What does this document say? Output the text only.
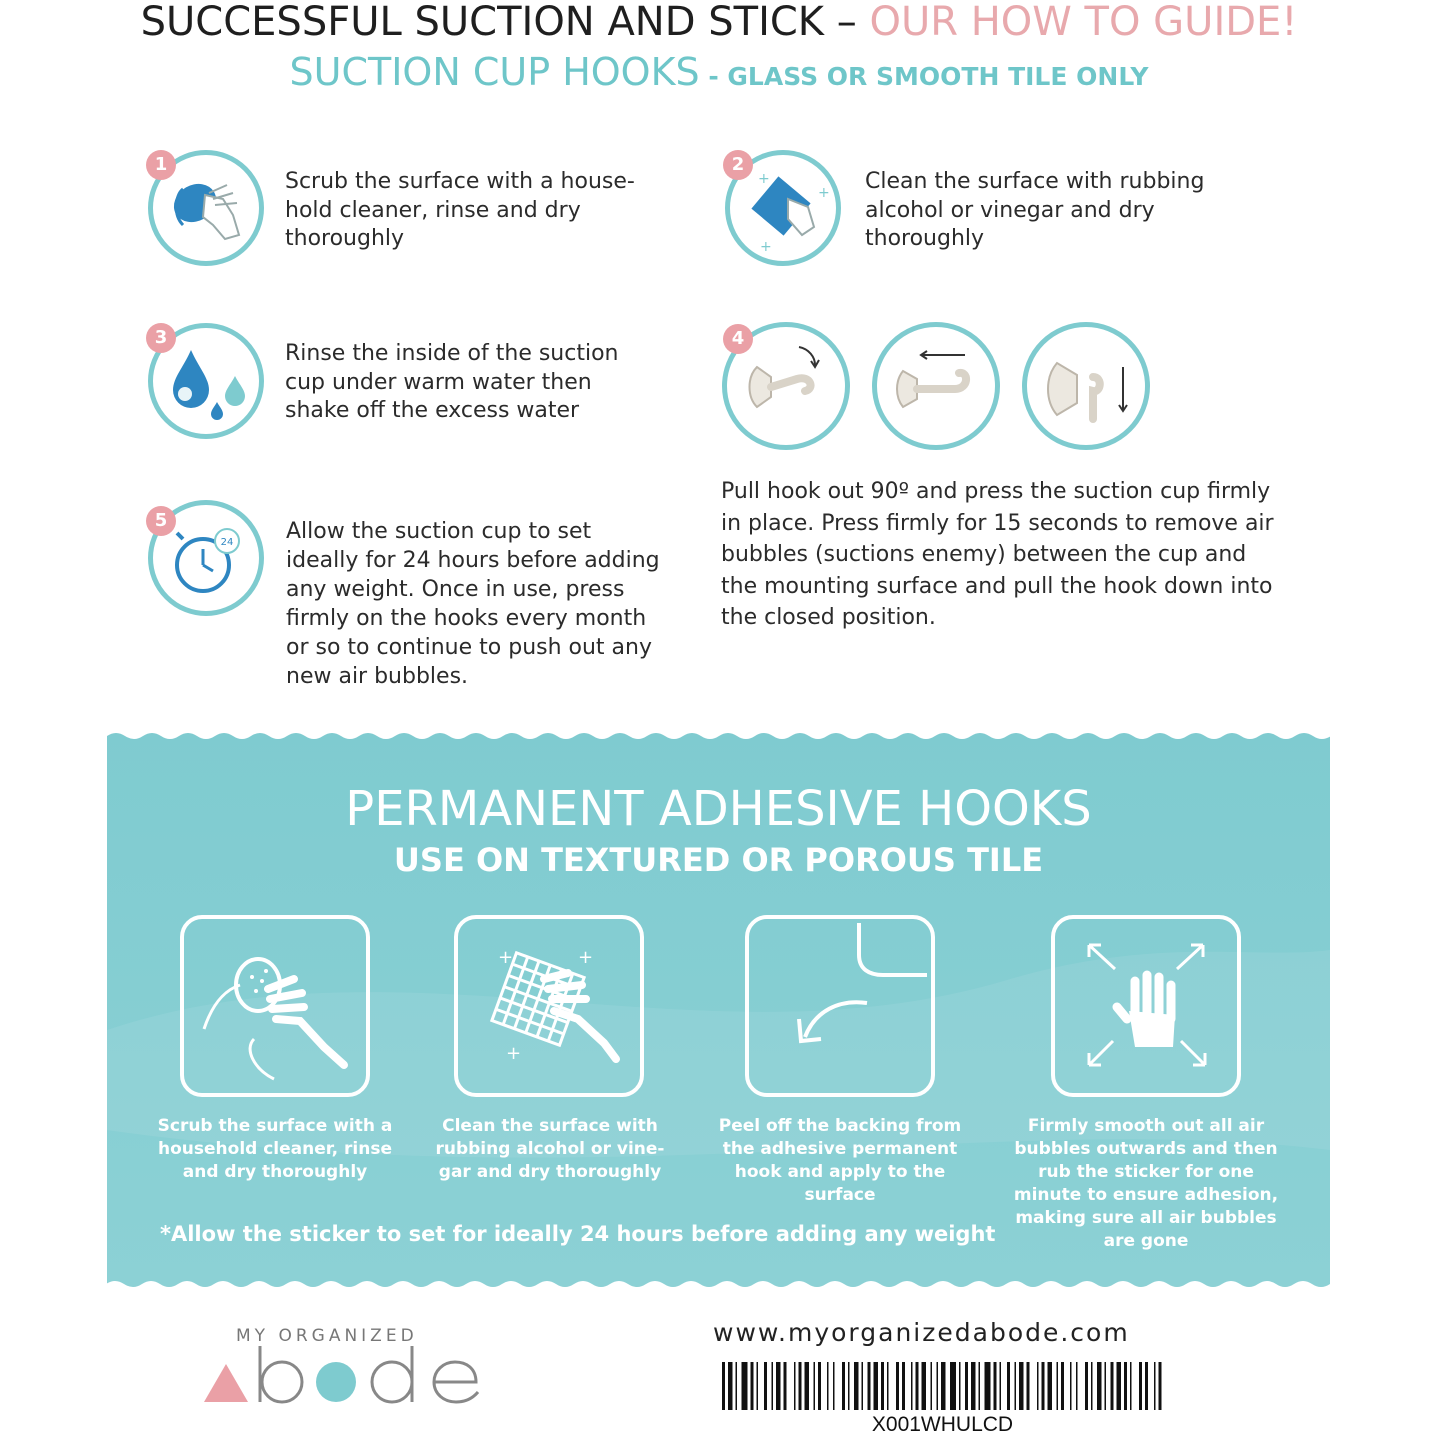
SUCCESSFUL SUCTION AND STICK – OUR HOW TO GUIDE!
SUCTION CUP HOOKS - GLASS OR SMOOTH TILE ONLY
1
Scrub the surface with a house-hold cleaner, rinse and dry thoroughly
+
+
+
2
Clean the surface with rubbing alcohol or vinegar and dry thoroughly
3
Rinse the inside of the suction cup under warm water then shake off the excess water
4
Pull hook out 90º and press the suction cup firmly in place. Press firmly for 15 seconds to remove air bubbles (suctions enemy) between the cup and the mounting surface and pull the hook down into the closed position.
24
5	Allow the suction cup to set ideally for 24 hours before adding any weight. Once in use, press firmly on the hooks every month or so to continue to push out any new air bubbles.
PERMANENT ADHESIVE HOOKS
USE ON TEXTURED OR POROUS TILE
Scrub the surface with a household cleaner, rinse and dry thoroughly
+	+
+
Clean the surface with rubbing alcohol or vine-gar and dry thoroughly
Peel off the backing from the adhesive permanent hook and apply to the surface
Firmly smooth out all air bubbles outwards and then rub the sticker for one minute to ensure adhesion, making sure all air bubbles are gone
*Allow the sticker to set for ideally 24 hours before adding any weight
MY ORGANIZED	www.myorganizedabode.com
X001WHULCD
